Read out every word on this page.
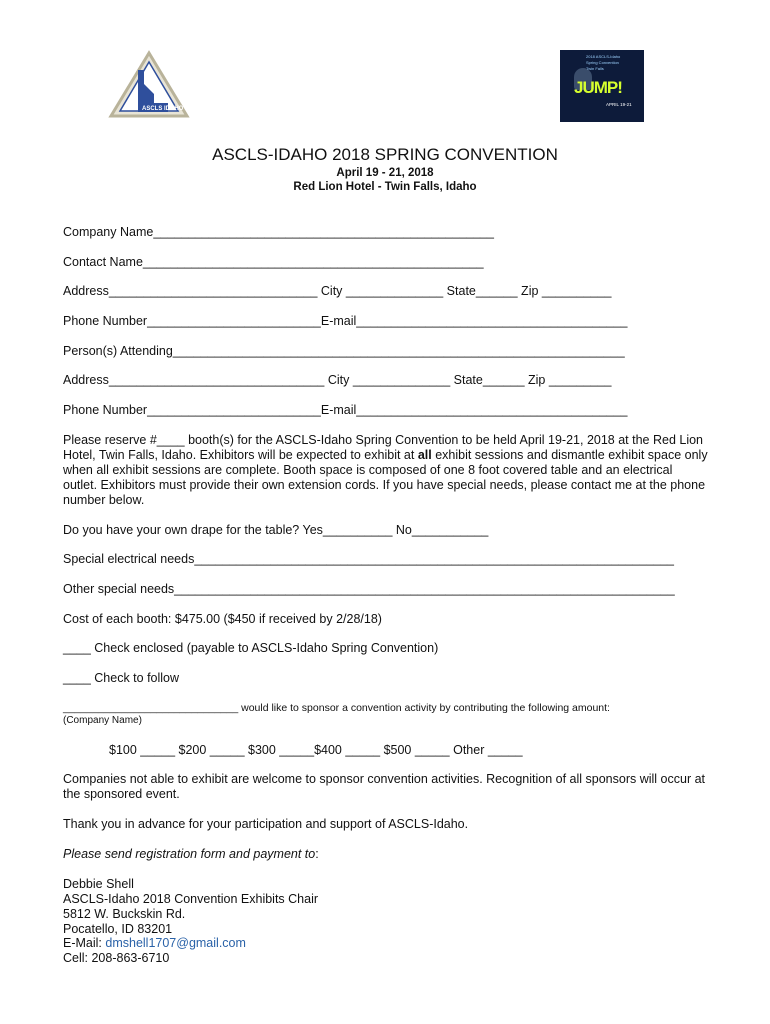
ASCLS IDAHO
2018 ASCLS-Idaho
Spring Convention
Twin Falls
JUMP!
APRIL 19-21
ASCLS-IDAHO 2018 SPRING CONVENTION
April 19 - 21, 2018
Red Lion Hotel - Twin Falls, Idaho
Company Name_________________________________________________
Contact Name_________________________________________________
Address______________________________ City ______________ State______ Zip __________
Phone Number_________________________E-mail_______________________________________
Person(s) Attending_________________________________________________________________
Address_______________________________ City ______________ State______ Zip _________
Phone Number_________________________E-mail_______________________________________
Please reserve #____ booth(s) for the ASCLS-Idaho Spring Convention to be held April 19-21, 2018 at the Red Lion Hotel, Twin Falls, Idaho. Exhibitors will be expected to exhibit at all exhibit sessions and dismantle exhibit space only when all exhibit sessions are complete. Booth space is composed of one 8 foot covered table and an electrical outlet. Exhibitors must provide their own extension cords. If you have special needs, please contact me at the phone number below.
Do you have your own drape for the table? Yes__________ No___________
Special electrical needs_____________________________________________________________________
Other special needs________________________________________________________________________
Cost of each booth: $475.00 ($450 if received by 2/28/18)
____ Check enclosed (payable to ASCLS-Idaho Spring Convention)
____ Check to follow
______________________________ would like to sponsor a convention activity by contributing the following amount:
(Company Name)
$100 _____ $200 _____ $300 _____$400 _____ $500 _____ Other _____
Companies not able to exhibit are welcome to sponsor convention activities. Recognition of all sponsors will occur at the sponsored event.
Thank you in advance for your participation and support of ASCLS-Idaho.
Please send registration form and payment to:
Debbie Shell
ASCLS-Idaho 2018 Convention Exhibits Chair
5812 W. Buckskin Rd.
Pocatello, ID 83201
E-Mail: dmshell1707@gmail.com
Cell: 208-863-6710
